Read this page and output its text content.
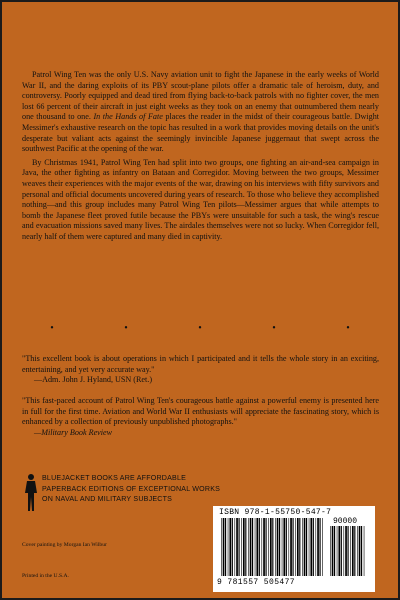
Patrol Wing Ten was the only U.S. Navy aviation unit to fight the Japanese in the early weeks of World War II, and the daring exploits of its PBY scout-plane pilots offer a dramatic tale of heroism, duty, and controversy. Poorly equipped and dead tired from flying back-to-back patrols with no fighter cover, the men lost 66 percent of their aircraft in just eight weeks as they took on an enemy that outnumbered them nearly one thousand to one. In the Hands of Fate places the reader in the midst of their courageous battle. Dwight Messimer's exhaustive research on the topic has resulted in a work that provides moving details on the unit's desperate but valiant acts against the seemingly invincible Japanese juggernaut that swept across the southwest Pacific at the opening of the war.

By Christmas 1941, Patrol Wing Ten had split into two groups, one fighting an air-and-sea campaign in Java, the other fighting as infantry on Bataan and Corregidor. Moving between the two groups, Messimer weaves their experiences with the major events of the war, drawing on his interviews with fifty survivors and personal and official documents uncovered during years of research. To those who believe they accomplished nothing—and this group includes many Patrol Wing Ten pilots—Messimer argues that while attempts to bomb the Japanese fleet proved futile because the PBYs were unsuitable for such a task, the wing's rescue and evacuation missions saved many lives. The airdales themselves were not so lucky. When Corregidor fell, nearly half of them were captured and many died in captivity.

• • • • •
"This excellent book is about operations in which I participated and it tells the whole story in an exciting, entertaining, and yet very accurate way."
—Adm. John J. Hyland, USN (Ret.)
"This fast-paced account of Patrol Wing Ten's courageous battle against a powerful enemy is presented here in full for the first time. Aviation and World War II enthusiasts will appreciate the fascinating story, which is enhanced by a collection of previously unpublished photographs."
—Military Book Review
BLUEJACKET BOOKS ARE AFFORDABLE
PAPERBACK EDITIONS OF EXCEPTIONAL WORKS
ON NAVAL AND MILITARY SUBJECTS
Cover painting by Morgan Ian Wilbur
Printed in the U.S.A.
ISBN 978-1-55750-547-7
90000
9 781557 505477
